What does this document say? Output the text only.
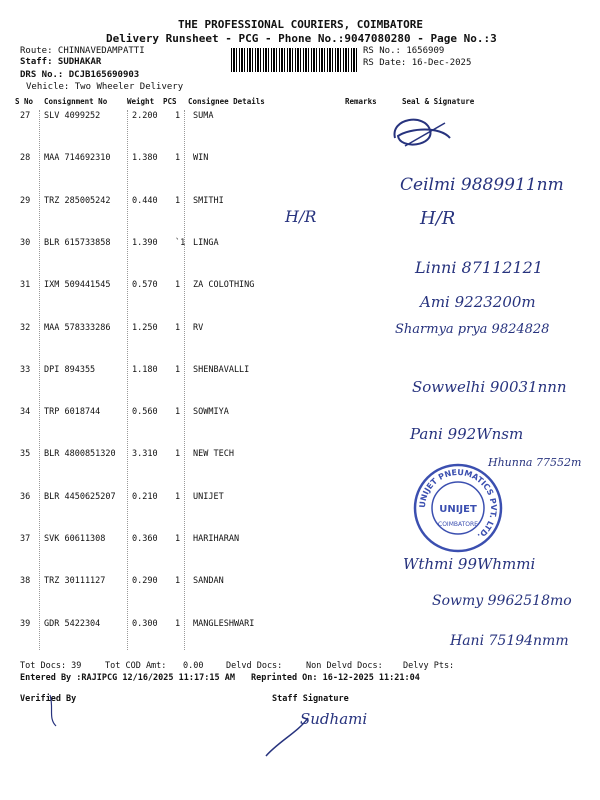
THE PROFESSIONAL COURIERS, COIMBATORE
Delivery Runsheet - PCG - Phone No.:9047080280 - Page No.:3
Route: CHINNAVEDAMPATTI
Staff: SUDHAKAR
DRS No.: DCJB165690903
Vehicle: Two Wheeler Delivery
RS No.: 1656909
RS Date: 16-Dec-2025
S No Consignment No	Weight PCS Consignee Details	Remarks	Seal & Signature
27 SLV 4099252	2.200 1 SUMA
28 MAA 714692310	1.380 1 WIN
29 TRZ 285005242	0.440 1 SMITHI
30 BLR 615733858	1.390 `1 LINGA
31 IXM 509441545	0.570 1 ZA COLOTHING
32 MAA 578333286	1.250 1 RV
33 DPI 894355	1.180 1 SHENBAVALLI
34 TRP 6018744	0.560 1 SOWMIYA
35 BLR 4800851320 3.310 1 NEW TECH
36 BLR 4450625207 0.210 1 UNIJET
37 SVK 60611308	0.360 1 HARIHARAN
38 TRZ 30111127	0.290 1 SANDAN
39 GDR 5422304	0.300 1 MANGLESHWARI
H/R
Ceilmi 9889911nm
H/R
Linni 87112121
Ami 9223200m
Sharmya prya 9824828
Sowwelhi 90031nnn
Pani 992Wnsm
Hhunna 77552m
UNIJET PNEUMATICS PVT. LTD.
UNIJET
COIMBATORE
Wthmi 99Whmmi
Sowmy 9962518mo
Hani 75194nmm
Tot Docs: 39	Tot COD Amt: 0.00	Delvd Docs:	Non Delvd Docs: Delvy Pts:
Entered By :RAJIPCG 12/16/2025 11:17:15 AM Reprinted On: 16-12-2025 11:21:04
Verified By	Staff Signature
Sudhami
